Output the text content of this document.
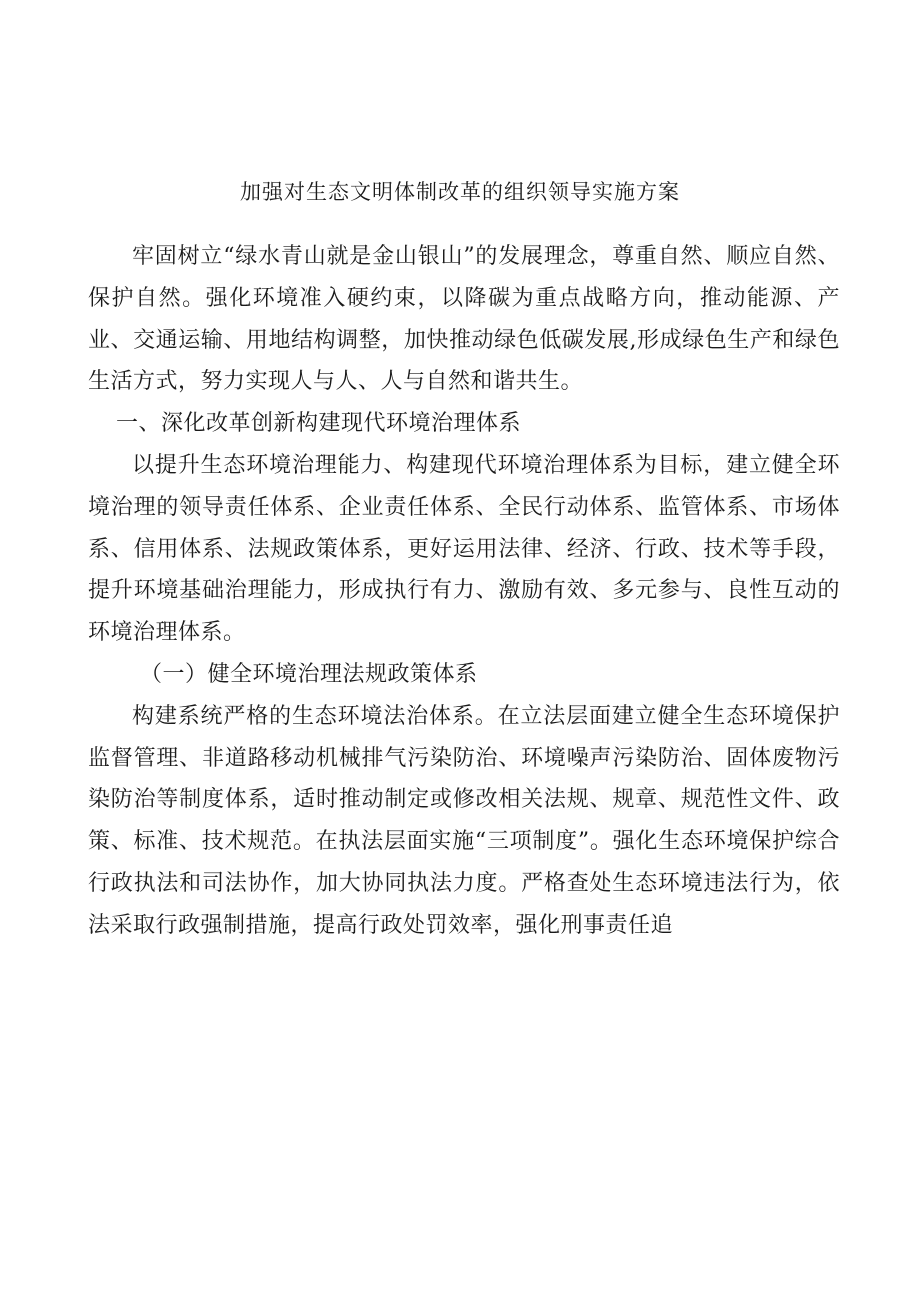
加强对生态文明体制改革的组织领导实施方案

牢固树立“绿水青山就是金山银山”的发展理念，尊重自然、顺应自然、保护自然。强化环境准入硬约束，以降碳为重点战略方向，推动能源、产业、交通运输、用地结构调整，加快推动绿色低碳发展,形成绿色生产和绿色生活方式，努力实现人与人、人与自然和谐共生。

一、深化改革创新构建现代环境治理体系

以提升生态环境治理能力、构建现代环境治理体系为目标，建立健全环境治理的领导责任体系、企业责任体系、全民行动体系、监管体系、市场体系、信用体系、法规政策体系，更好运用法律、经济、行政、技术等手段，提升环境基础治理能力，形成执行有力、激励有效、多元参与、良性互动的环境治理体系。

（一）健全环境治理法规政策体系

构建系统严格的生态环境法治体系。在立法层面建立健全生态环境保护监督管理、非道路移动机械排气污染防治、环境噪声污染防治、固体废物污染防治等制度体系，适时推动制定或修改相关法规、规章、规范性文件、政策、标准、技术规范。在执法层面实施“三项制度”。强化生态环境保护综合行政执法和司法协作，加大协同执法力度。严格查处生态环境违法行为，依法采取行政强制措施，提高行政处罚效率，强化刑事责任追
